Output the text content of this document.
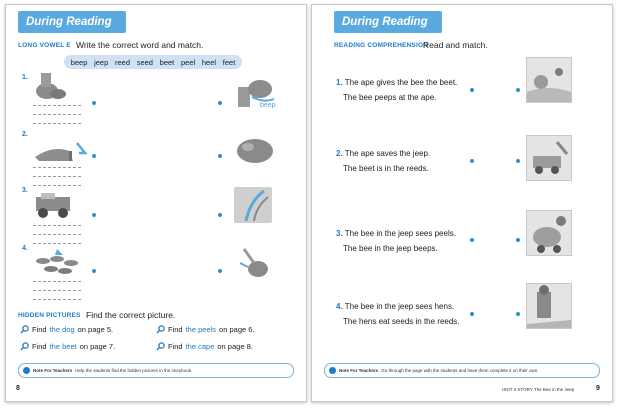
During Reading
LONG VOWEL E Write the correct word and match.
beep jeep reed seed beet peel heel feet
1.
beep
2.
3.
4.
HIDDEN PICTURES Find the correct picture.
Find the dog on page 5.	Find the peels on page 6.
Find the beet on page 7.	Find the cape on page 8.
Note For Teachers Help the students find the hidden pictures in the storybook.
8
During Reading
READING COMPREHENSION
Read and match.
1. The ape gives the bee the beet.
The bee peeps at the ape.
2. The ape saves the jeep.
The beet is in the reeds.
3. The bee in the jeep sees peels.
The bee in the jeep beeps.
4. The bee in the jeep sees hens.
The hens eat seeds in the reeds.
Note For Teachers Go through the page with the students and have them complete it on their own.
UNIT 2 STORY The Bee in the Jeep	9
